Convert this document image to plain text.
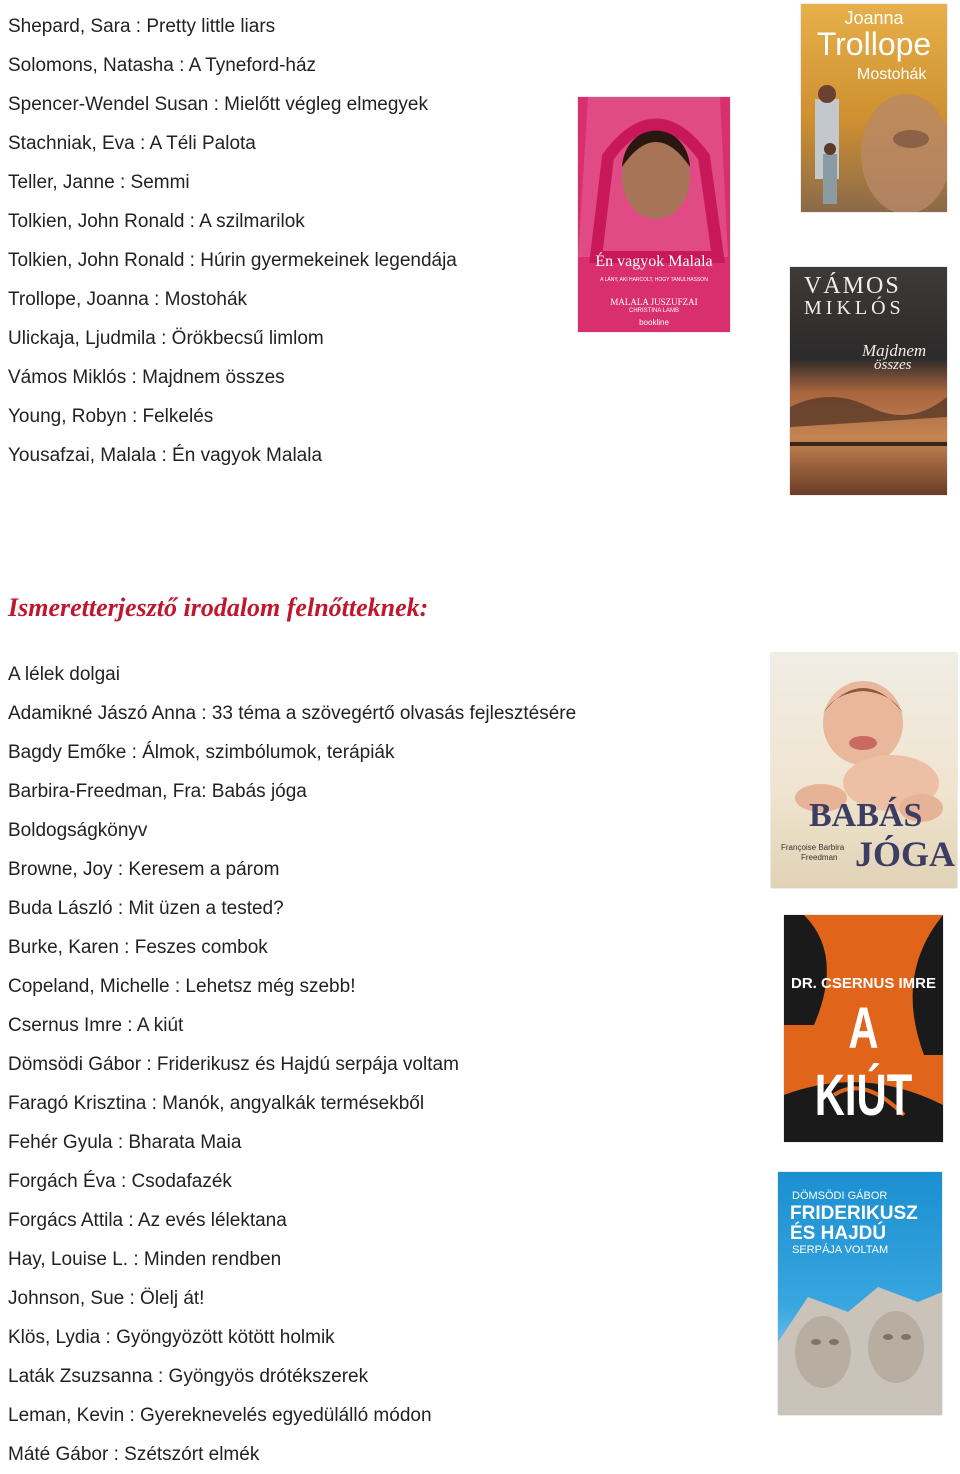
Shepard, Sara : Pretty little liars
Solomons, Natasha : A Tyneford-ház
Spencer-Wendel Susan : Mielőtt végleg elmegyek
Stachniak, Eva : A Téli Palota
Teller, Janne : Semmi
Tolkien, John Ronald : A szilmarilok
Tolkien, John Ronald : Húrin gyermekeinek legendája
Trollope, Joanna : Mostohák
Ulickaja, Ljudmila : Örökbecsű limlom
Vámos Miklós : Majdnem összes
Young, Robyn : Felkelés
Yousafzai, Malala : Én vagyok Malala
Ismeretterjesztő irodalom felnőtteknek:
A lélek dolgai
Adamikné Jászó Anna : 33 téma a szövegértő olvasás fejlesztésére
Bagdy Emőke : Álmok, szimbólumok, terápiák
Barbira-Freedman, Fra: Babás jóga
Boldogságkönyv
Browne, Joy : Keresem a párom
Buda László : Mit üzen a tested?
Burke, Karen : Feszes combok
Copeland, Michelle : Lehetsz még szebb!
Csernus Imre : A kiút
Dömsödi Gábor : Friderikusz és Hajdú serpája voltam
Faragó Krisztina : Manók, angyalkák termésekből
Fehér Gyula : Bharata Maia
Forgách Éva : Csodafazék
Forgács Attila : Az evés lélektana
Hay, Louise L. : Minden rendben
Johnson, Sue : Ölelj át!
Klös, Lydia : Gyöngyözött kötött holmik
Laták Zsuzsanna : Gyöngyös drótékszerek
Leman, Kevin : Gyereknevelés egyedülálló módon
Máté Gábor : Szétszórt elmék
Joanna
Trollope
Mostohák
Én vagyok Malala
A LÁNY, AKI HARCOLT, HOGY TANULHASSON
MALALA JUSZUFZAI
CHRISTINA LAMB
bookline
VÁMOS
MIKLÓS
Majdnem
összes
BABÁS
JÓGA
Françoise Barbira
Freedman
DR. CSERNUS IMRE
A KIÚT
DÖMSÖDI GÁBOR
FRIDERIKUSZ
ÉS HAJDÚ
SERPÁJA VOLTAM
